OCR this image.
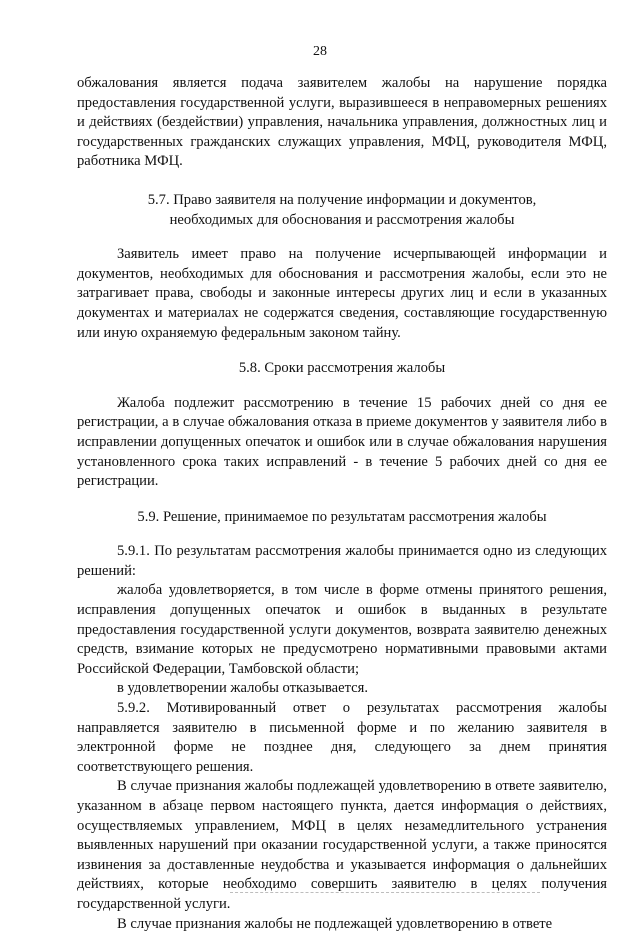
28

обжалования является подача заявителем жалобы на нарушение порядка предоставления государственной услуги, выразившееся в неправомерных решениях и действиях (бездействии) управления, начальника управления, должностных лиц и государственных гражданских служащих управления, МФЦ, руководителя МФЦ, работника МФЦ.

5.7. Право заявителя на получение информации и документов,

необходимых для обоснования и рассмотрения жалобы

Заявитель имеет право на получение исчерпывающей информации и документов, необходимых для обоснования и рассмотрения жалобы, если это не затрагивает права, свободы и законные интересы других лиц и если в указанных документах и материалах не содержатся сведения, составляющие государственную или иную охраняемую федеральным законом тайну.

5.8. Сроки рассмотрения жалобы

Жалоба подлежит рассмотрению в течение 15 рабочих дней со дня ее регистрации, а в случае обжалования отказа в приеме документов у заявителя либо в исправлении допущенных опечаток и ошибок или в случае обжалования нарушения установленного срока таких исправлений - в течение 5 рабочих дней со дня ее регистрации.

5.9. Решение, принимаемое по результатам рассмотрения жалобы

5.9.1. По результатам рассмотрения жалобы принимается одно из следующих решений:

жалоба удовлетворяется, в том числе в форме отмены принятого решения, исправления допущенных опечаток и ошибок в выданных в результате предоставления государственной услуги документов, возврата заявителю денежных средств, взимание которых не предусмотрено нормативными правовыми актами Российской Федерации, Тамбовской области;

в удовлетворении жалобы отказывается.

5.9.2. Мотивированный ответ о результатах рассмотрения жалобы направляется заявителю в письменной форме и по желанию заявителя в электронной форме не позднее дня, следующего за днем принятия соответствующего решения.

В случае признания жалобы подлежащей удовлетворению в ответе заявителю, указанном в абзаце первом настоящего пункта, дается информация о действиях, осуществляемых управлением, МФЦ в целях незамедлительного устранения выявленных нарушений при оказании государственной услуги, а также приносятся извинения за доставленные неудобства и указывается информация о дальнейших действиях, которые необходимо совершить заявителю в целях получения государственной услуги.

В случае признания жалобы не подлежащей удовлетворению в ответе
